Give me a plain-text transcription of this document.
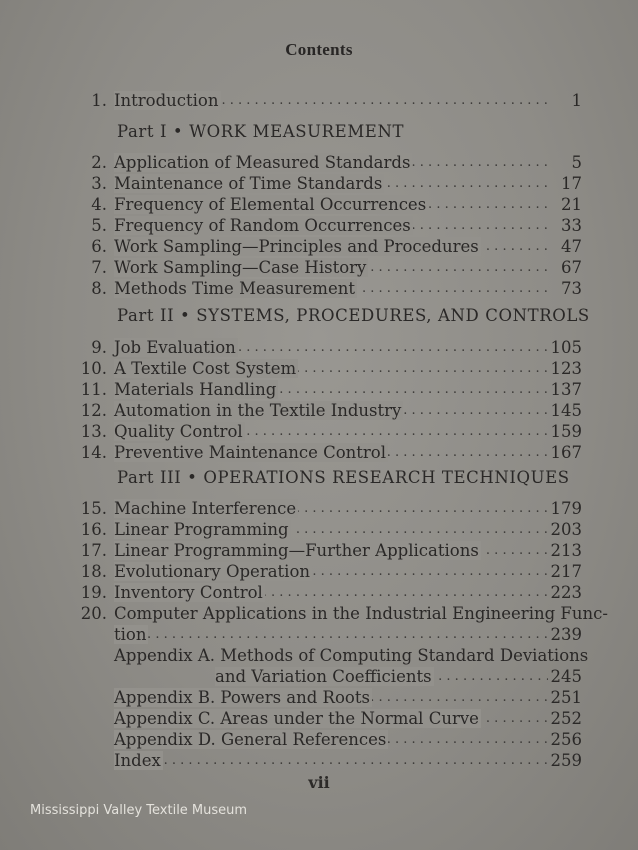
Contents
1. . . . Introduction	1
Part I • WORK MEASUREMENT
2. . . . Application of Measured Standards	5
3. . . . Maintenance of Time Standards	17
4. . . . Frequency of Elemental Occurrences	21
5. . . . Frequency of Random Occurrences	33
6. . . . Work Sampling—Principles and Procedures	47
7. . . . Work Sampling—Case History	67
8. . . . Methods Time Measurement	73
Part II • SYSTEMS, PROCEDURES, AND CONTROLS
9. . . . Job Evaluation	105
10. . . . A Textile Cost System	123
11. . . . Materials Handling	137
12. . . . Automation in the Textile Industry	145
13. . . . Quality Control	159
14. . . . Preventive Maintenance Control	167
Part III • OPERATIONS RESEARCH TECHNIQUES
15. . . . Machine Interference	179
16. . . . Linear Programming	203
17. . . . Linear Programming—Further Applications	213
18. . . . Evolutionary Operation	217
19. . . . Inventory Control	223
20. Computer Applications in the Industrial Engineering Func-
. . .
tion	239
Appendix A. Methods of Computing Standard Deviations
. . .
and Variation Coefficients	245
. . .
Appendix B. Powers and Roots	251
. . .
Appendix C. Areas under the Normal Curve	252
. . .
Appendix D. General References	256
. . .
Index	259
vii
Mississippi Valley Textile Museum
